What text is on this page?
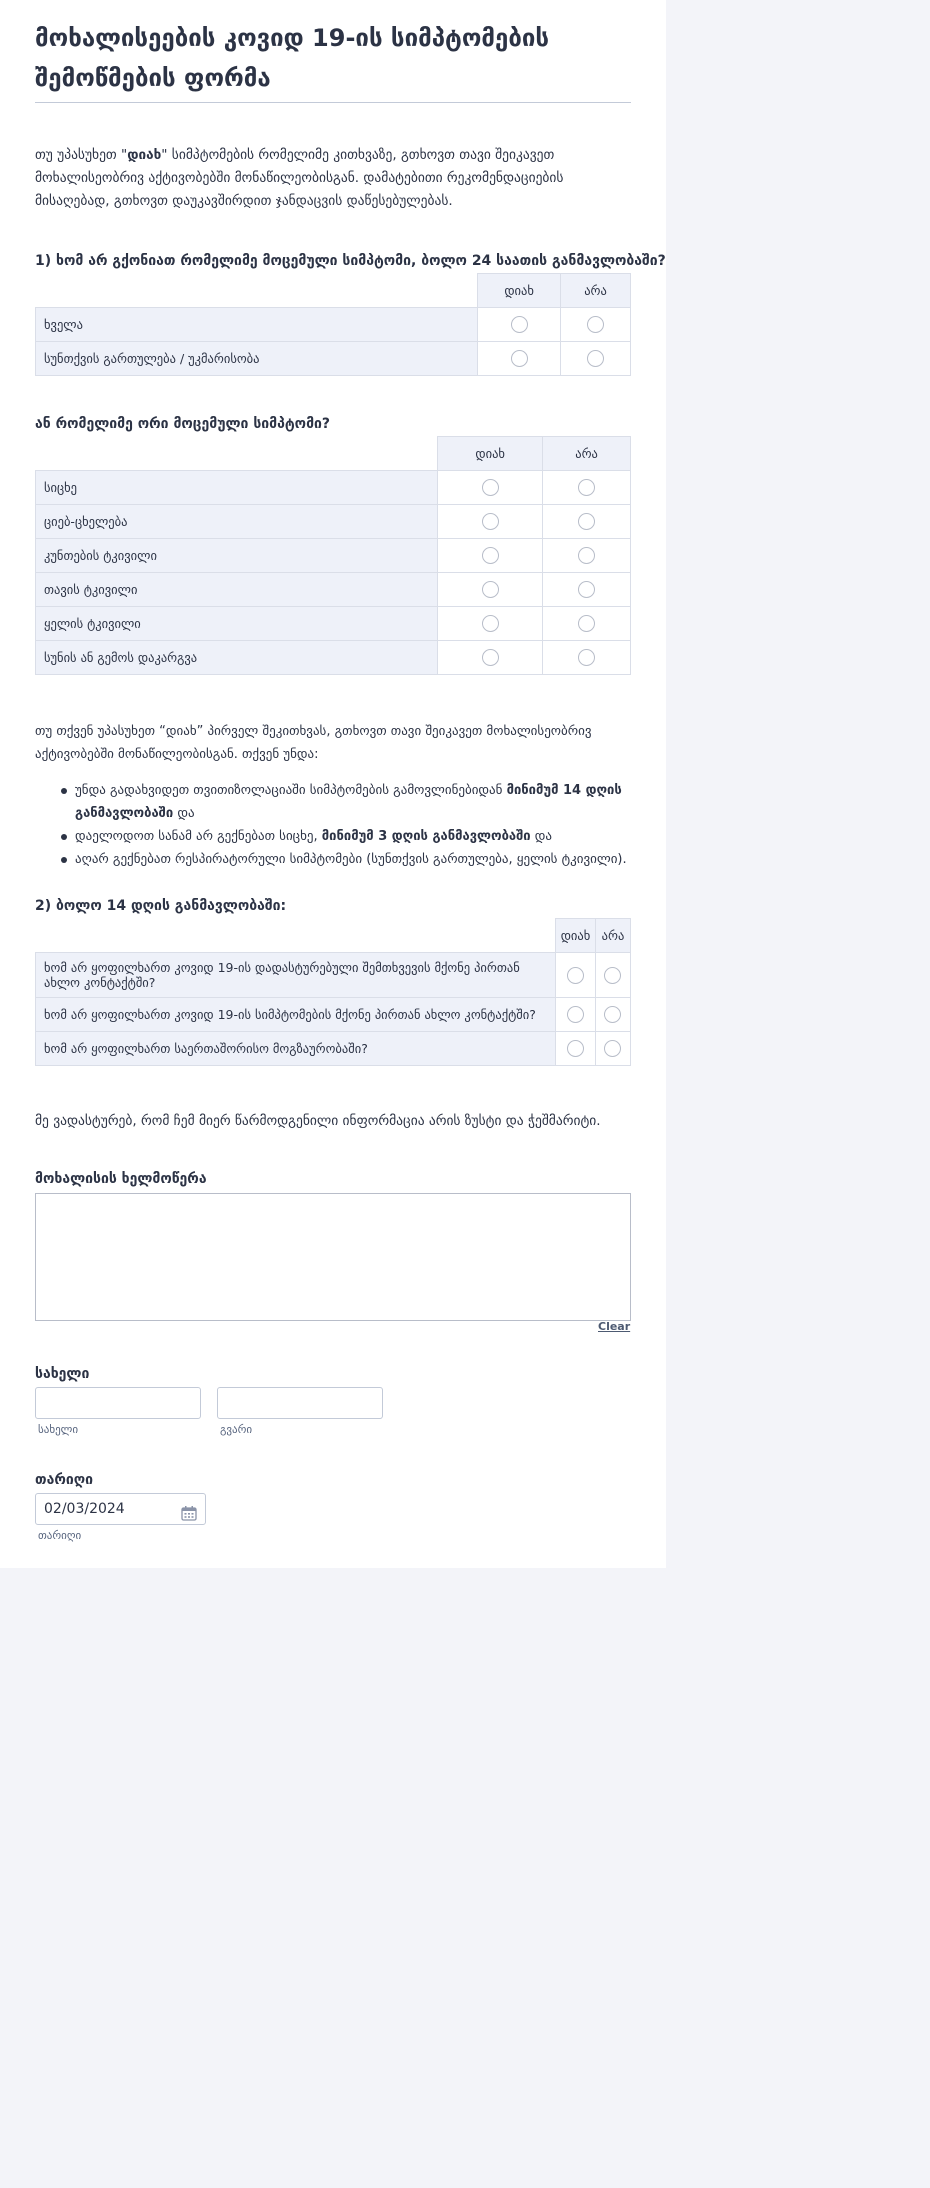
მოხალისეების კოვიდ 19-ის სიმპტომების შემოწმების ფორმა
თუ უპასუხეთ "დიახ" სიმპტომების რომელიმე კითხვაზე, გთხოვთ თავი შეიკავეთ მოხალისეობრივ აქტივობებში მონაწილეობისგან. დამატებითი რეკომენდაციების მისაღებად, გთხოვთ დაუკავშირდით ჯანდაცვის დაწესებულებას.
1) ხომ არ გქონიათ რომელიმე მოცემული სიმპტომი, ბოლო 24 საათის განმავლობაში?
	დიახ	არა
ხველა		
სუნთქვის გართულება / უკმარისობა		
ან რომელიმე ორი მოცემული სიმპტომი?
	დიახ	არა
სიცხე		
ციებ-ცხელება		
კუნთების ტკივილი		
თავის ტკივილი		
ყელის ტკივილი		
სუნის ან გემოს დაკარგვა		
თუ თქვენ უპასუხეთ “დიახ” პირველ შეკითხვას, გთხოვთ თავი შეიკავეთ მოხალისეობრივ აქტივობებში მონაწილეობისგან. თქვენ უნდა:
უნდა გადახვიდეთ თვითიზოლაციაში სიმპტომების გამოვლინებიდან მინიმუმ 14 დღის განმავლობაში და
დაელოდოთ სანამ არ გექნებათ სიცხე, მინიმუმ 3 დღის განმავლობაში და
აღარ გექნებათ რესპირატორული სიმპტომები (სუნთქვის გართულება, ყელის ტკივილი).
2) ბოლო 14 დღის განმავლობაში:
	დიახ	არა
ხომ არ ყოფილხართ კოვიდ 19-ის დადასტურებული შემთხვევის მქონე პირთან ახლო კონტაქტში?		
ხომ არ ყოფილხართ კოვიდ 19-ის სიმპტომების მქონე პირთან ახლო კონტაქტში?		
ხომ არ ყოფილხართ საერთაშორისო მოგზაურობაში?		
მე ვადასტურებ, რომ ჩემ მიერ წარმოდგენილი ინფორმაცია არის ზუსტი და ჭეშმარიტი.
მოხალისის ხელმოწერა
Clear
სახელი
სახელი	გვარი
თარიღი
02/03/2024
თარიღი
